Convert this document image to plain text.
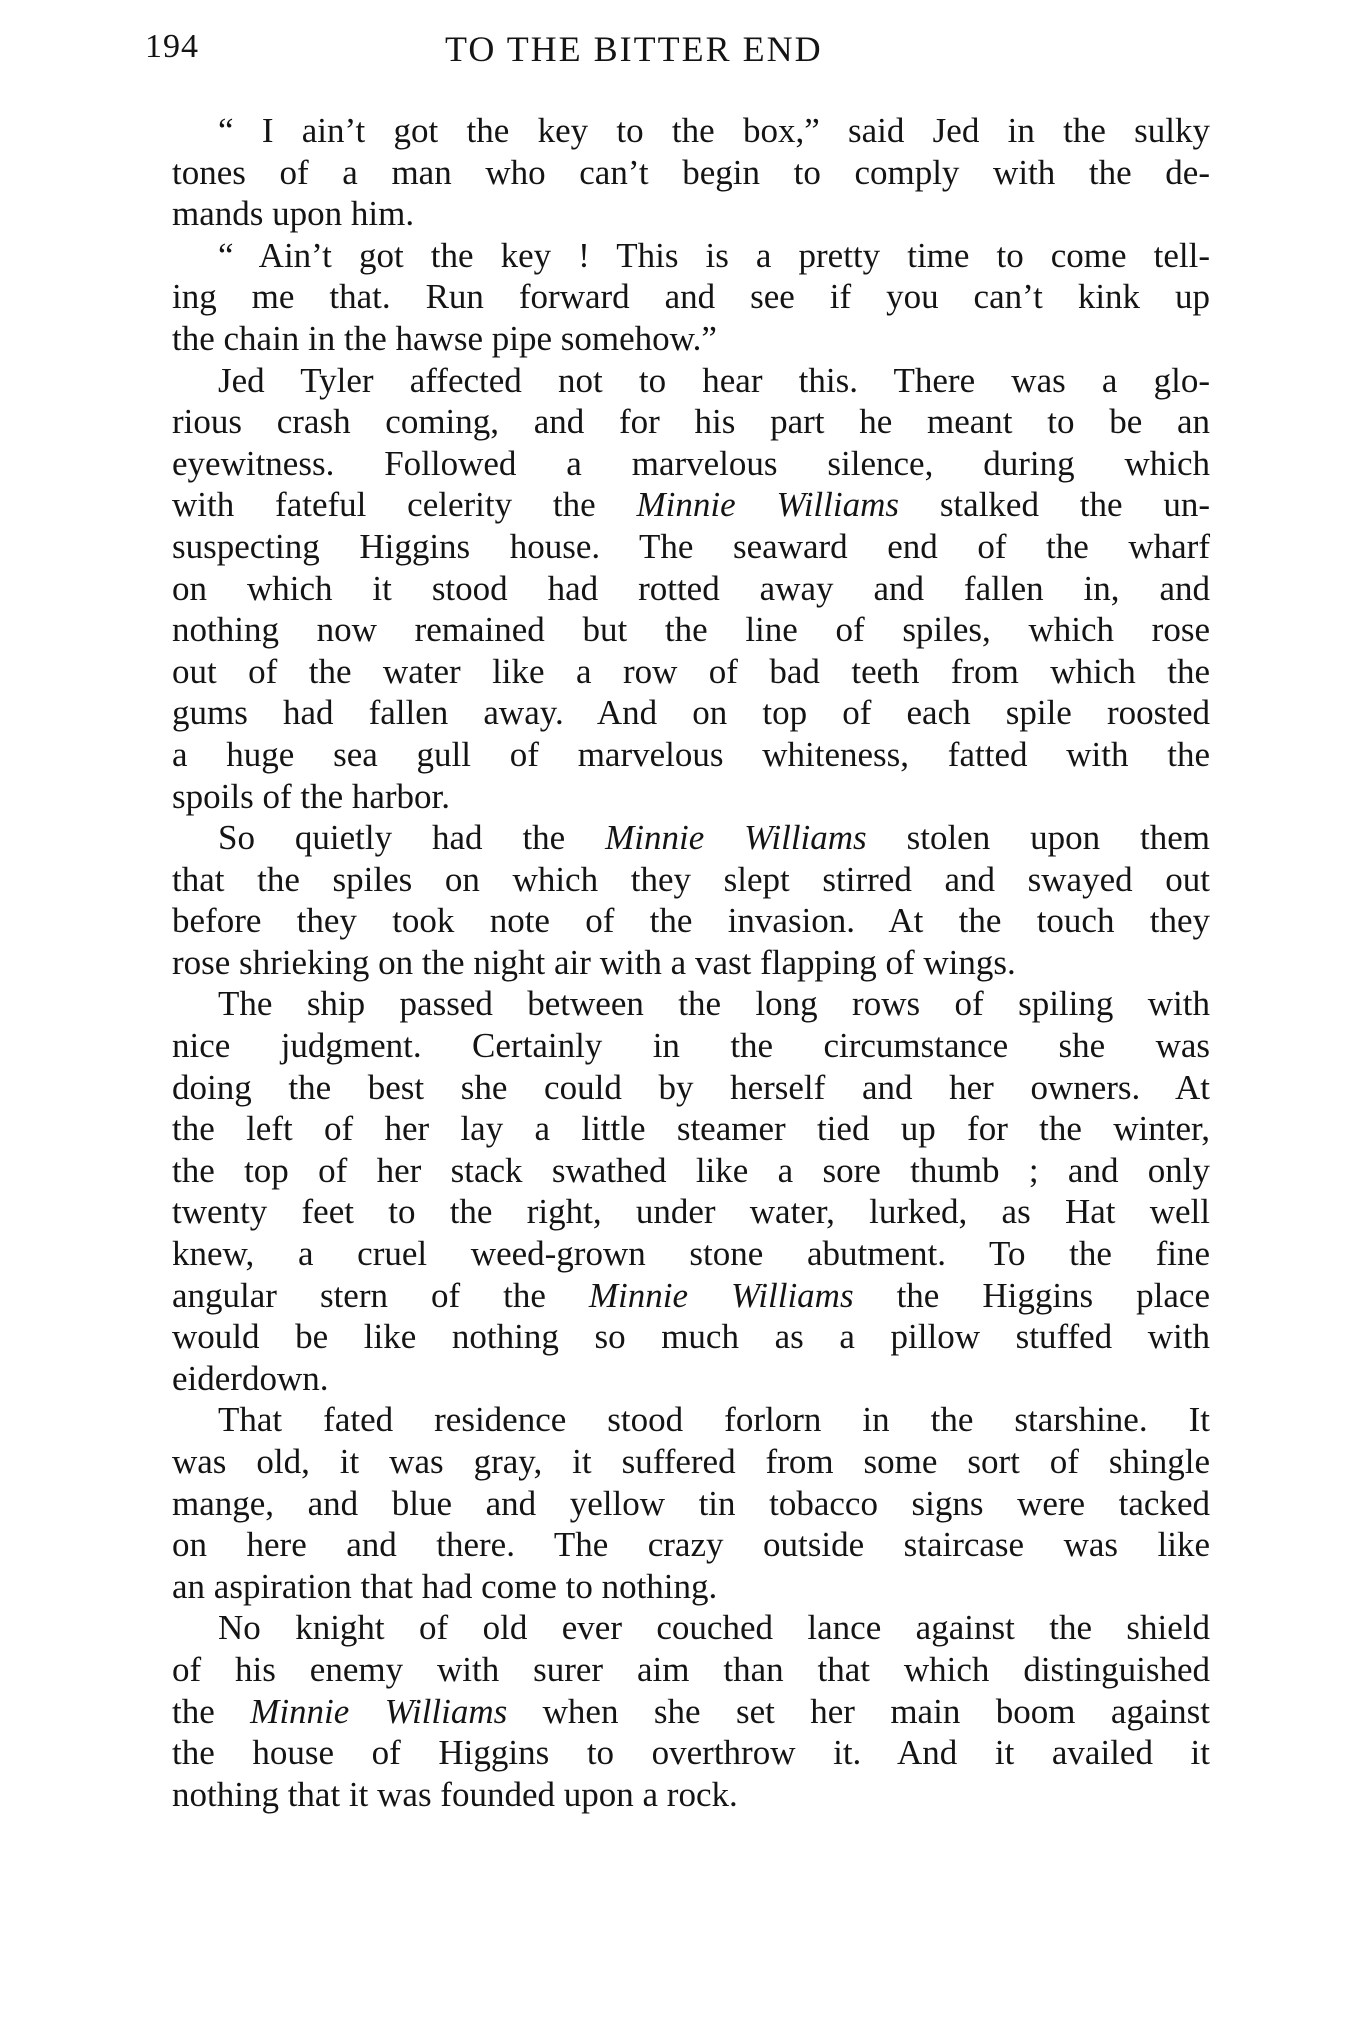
194	TO THE BITTER END
“ I ain’t got the key to the box,” said Jed in the sulky
tones of a man who can’t begin to comply with the de-
mands upon him.
“ Ain’t got the key ! This is a pretty time to come tell-
ing me that. Run forward and see if you can’t kink up
the chain in the hawse pipe somehow.”
Jed Tyler affected not to hear this. There was a glo-
rious crash coming, and for his part he meant to be an
eyewitness. Followed a marvelous silence, during which
with fateful celerity the Minnie Williams stalked the un-
suspecting Higgins house. The seaward end of the wharf
on which it stood had rotted away and fallen in, and
nothing now remained but the line of spiles, which rose
out of the water like a row of bad teeth from which the
gums had fallen away. And on top of each spile roosted
a huge sea gull of marvelous whiteness, fatted with the
spoils of the harbor.
So quietly had the Minnie Williams stolen upon them
that the spiles on which they slept stirred and swayed out
before they took note of the invasion. At the touch they
rose shrieking on the night air with a vast flapping of wings.
The ship passed between the long rows of spiling with
nice judgment. Certainly in the circumstance she was
doing the best she could by herself and her owners. At
the left of her lay a little steamer tied up for the winter,
the top of her stack swathed like a sore thumb ; and only
twenty feet to the right, under water, lurked, as Hat well
knew, a cruel weed-grown stone abutment. To the fine
angular stern of the Minnie Williams the Higgins place
would be like nothing so much as a pillow stuffed with
eiderdown.
That fated residence stood forlorn in the starshine. It
was old, it was gray, it suffered from some sort of shingle
mange, and blue and yellow tin tobacco signs were tacked
on here and there. The crazy outside staircase was like
an aspiration that had come to nothing.
No knight of old ever couched lance against the shield
of his enemy with surer aim than that which distinguished
the Minnie Williams when she set her main boom against
the house of Higgins to overthrow it. And it availed it
nothing that it was founded upon a rock.
